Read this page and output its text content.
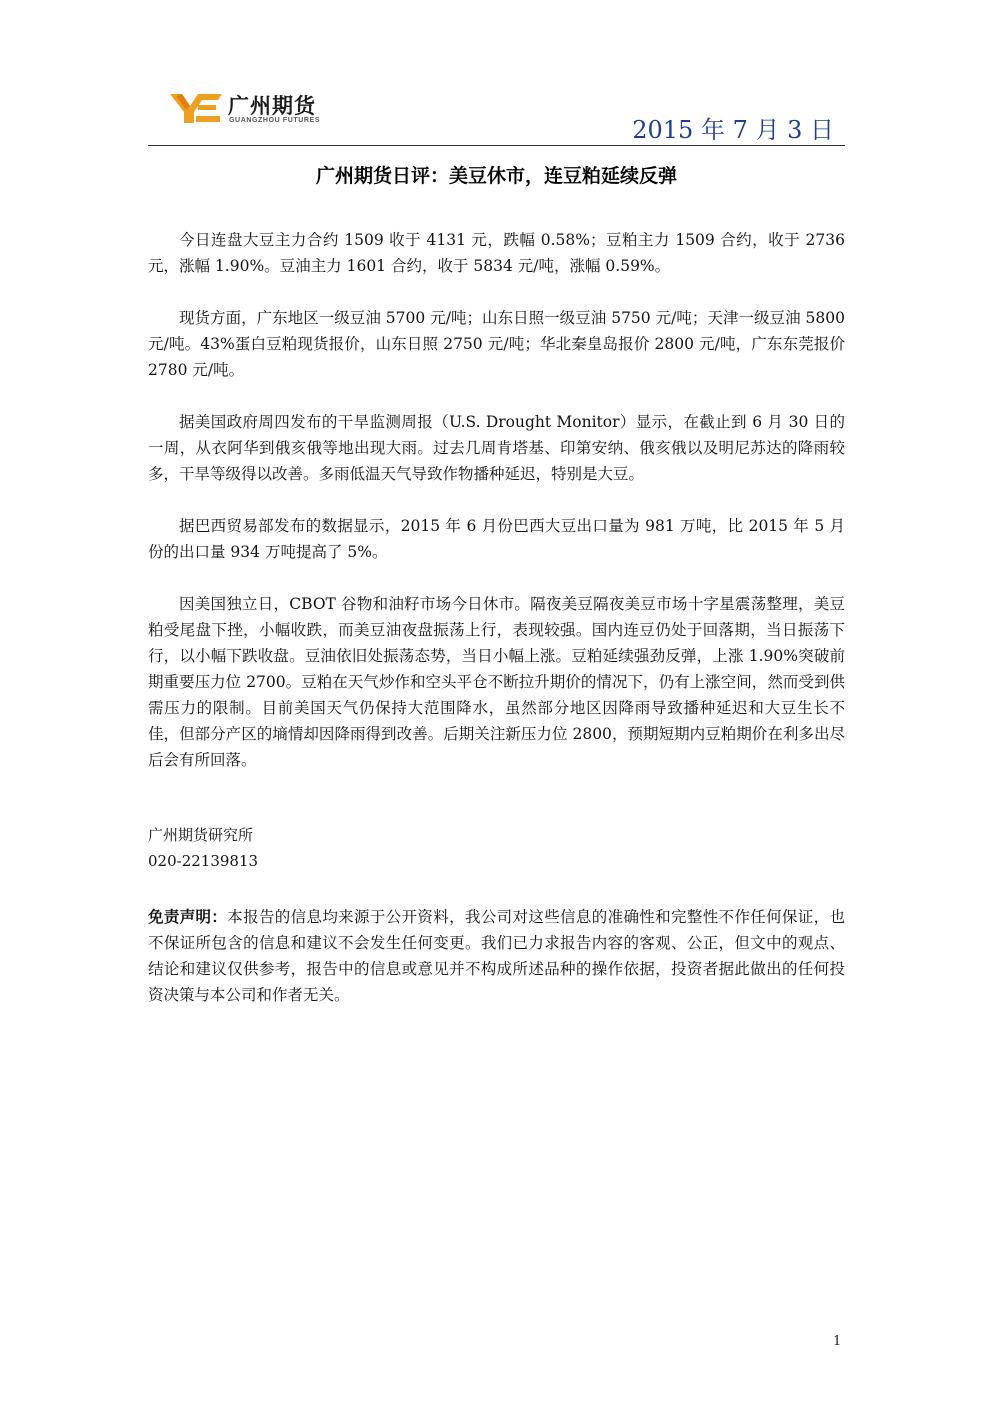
广州期货
GUANGZHOU FUTURES	2015 年 7 月 3 日
广州期货日评：美豆休市，连豆粕延续反弹

今日连盘大豆主力合约 1509 收于 4131 元，跌幅 0.58%；豆粕主力 1509 合约，收于 2736 元，涨幅 1.90%。豆油主力 1601 合约，收于 5834 元/吨，涨幅 0.59%。

现货方面，广东地区一级豆油 5700 元/吨；山东日照一级豆油 5750 元/吨；天津一级豆油 5800 元/吨。43%蛋白豆粕现货报价，山东日照 2750 元/吨；华北秦皇岛报价 2800 元/吨，广东东莞报价 2780 元/吨。

据美国政府周四发布的干旱监测周报（U.S. Drought Monitor）显示，在截止到 6 月 30 日的一周，从衣阿华到俄亥俄等地出现大雨。过去几周肯塔基、印第安纳、俄亥俄以及明尼苏达的降雨较多，干旱等级得以改善。多雨低温天气导致作物播种延迟，特别是大豆。

据巴西贸易部发布的数据显示，2015 年 6 月份巴西大豆出口量为 981 万吨，比 2015 年 5 月份的出口量 934 万吨提高了 5%。

因美国独立日，CBOT 谷物和油籽市场今日休市。隔夜美豆隔夜美豆市场十字星震荡整理，美豆粕受尾盘下挫，小幅收跌，而美豆油夜盘振荡上行，表现较强。国内连豆仍处于回落期，当日振荡下行，以小幅下跌收盘。豆油依旧处振荡态势，当日小幅上涨。豆粕延续强劲反弹，上涨 1.90%突破前期重要压力位 2700。豆粕在天气炒作和空头平仓不断拉升期价的情况下，仍有上涨空间，然而受到供需压力的限制。目前美国天气仍保持大范围降水，虽然部分地区因降雨导致播种延迟和大豆生长不佳，但部分产区的墒情却因降雨得到改善。后期关注新压力位 2800，预期短期内豆粕期价在利多出尽后会有所回落。

广州期货研究所
020-22139813
免责声明：本报告的信息均来源于公开资料，我公司对这些信息的准确性和完整性不作任何保证，也不保证所包含的信息和建议不会发生任何变更。我们已力求报告内容的客观、公正，但文中的观点、结论和建议仅供参考，报告中的信息或意见并不构成所述品种的操作依据，投资者据此做出的任何投资决策与本公司和作者无关。
1
